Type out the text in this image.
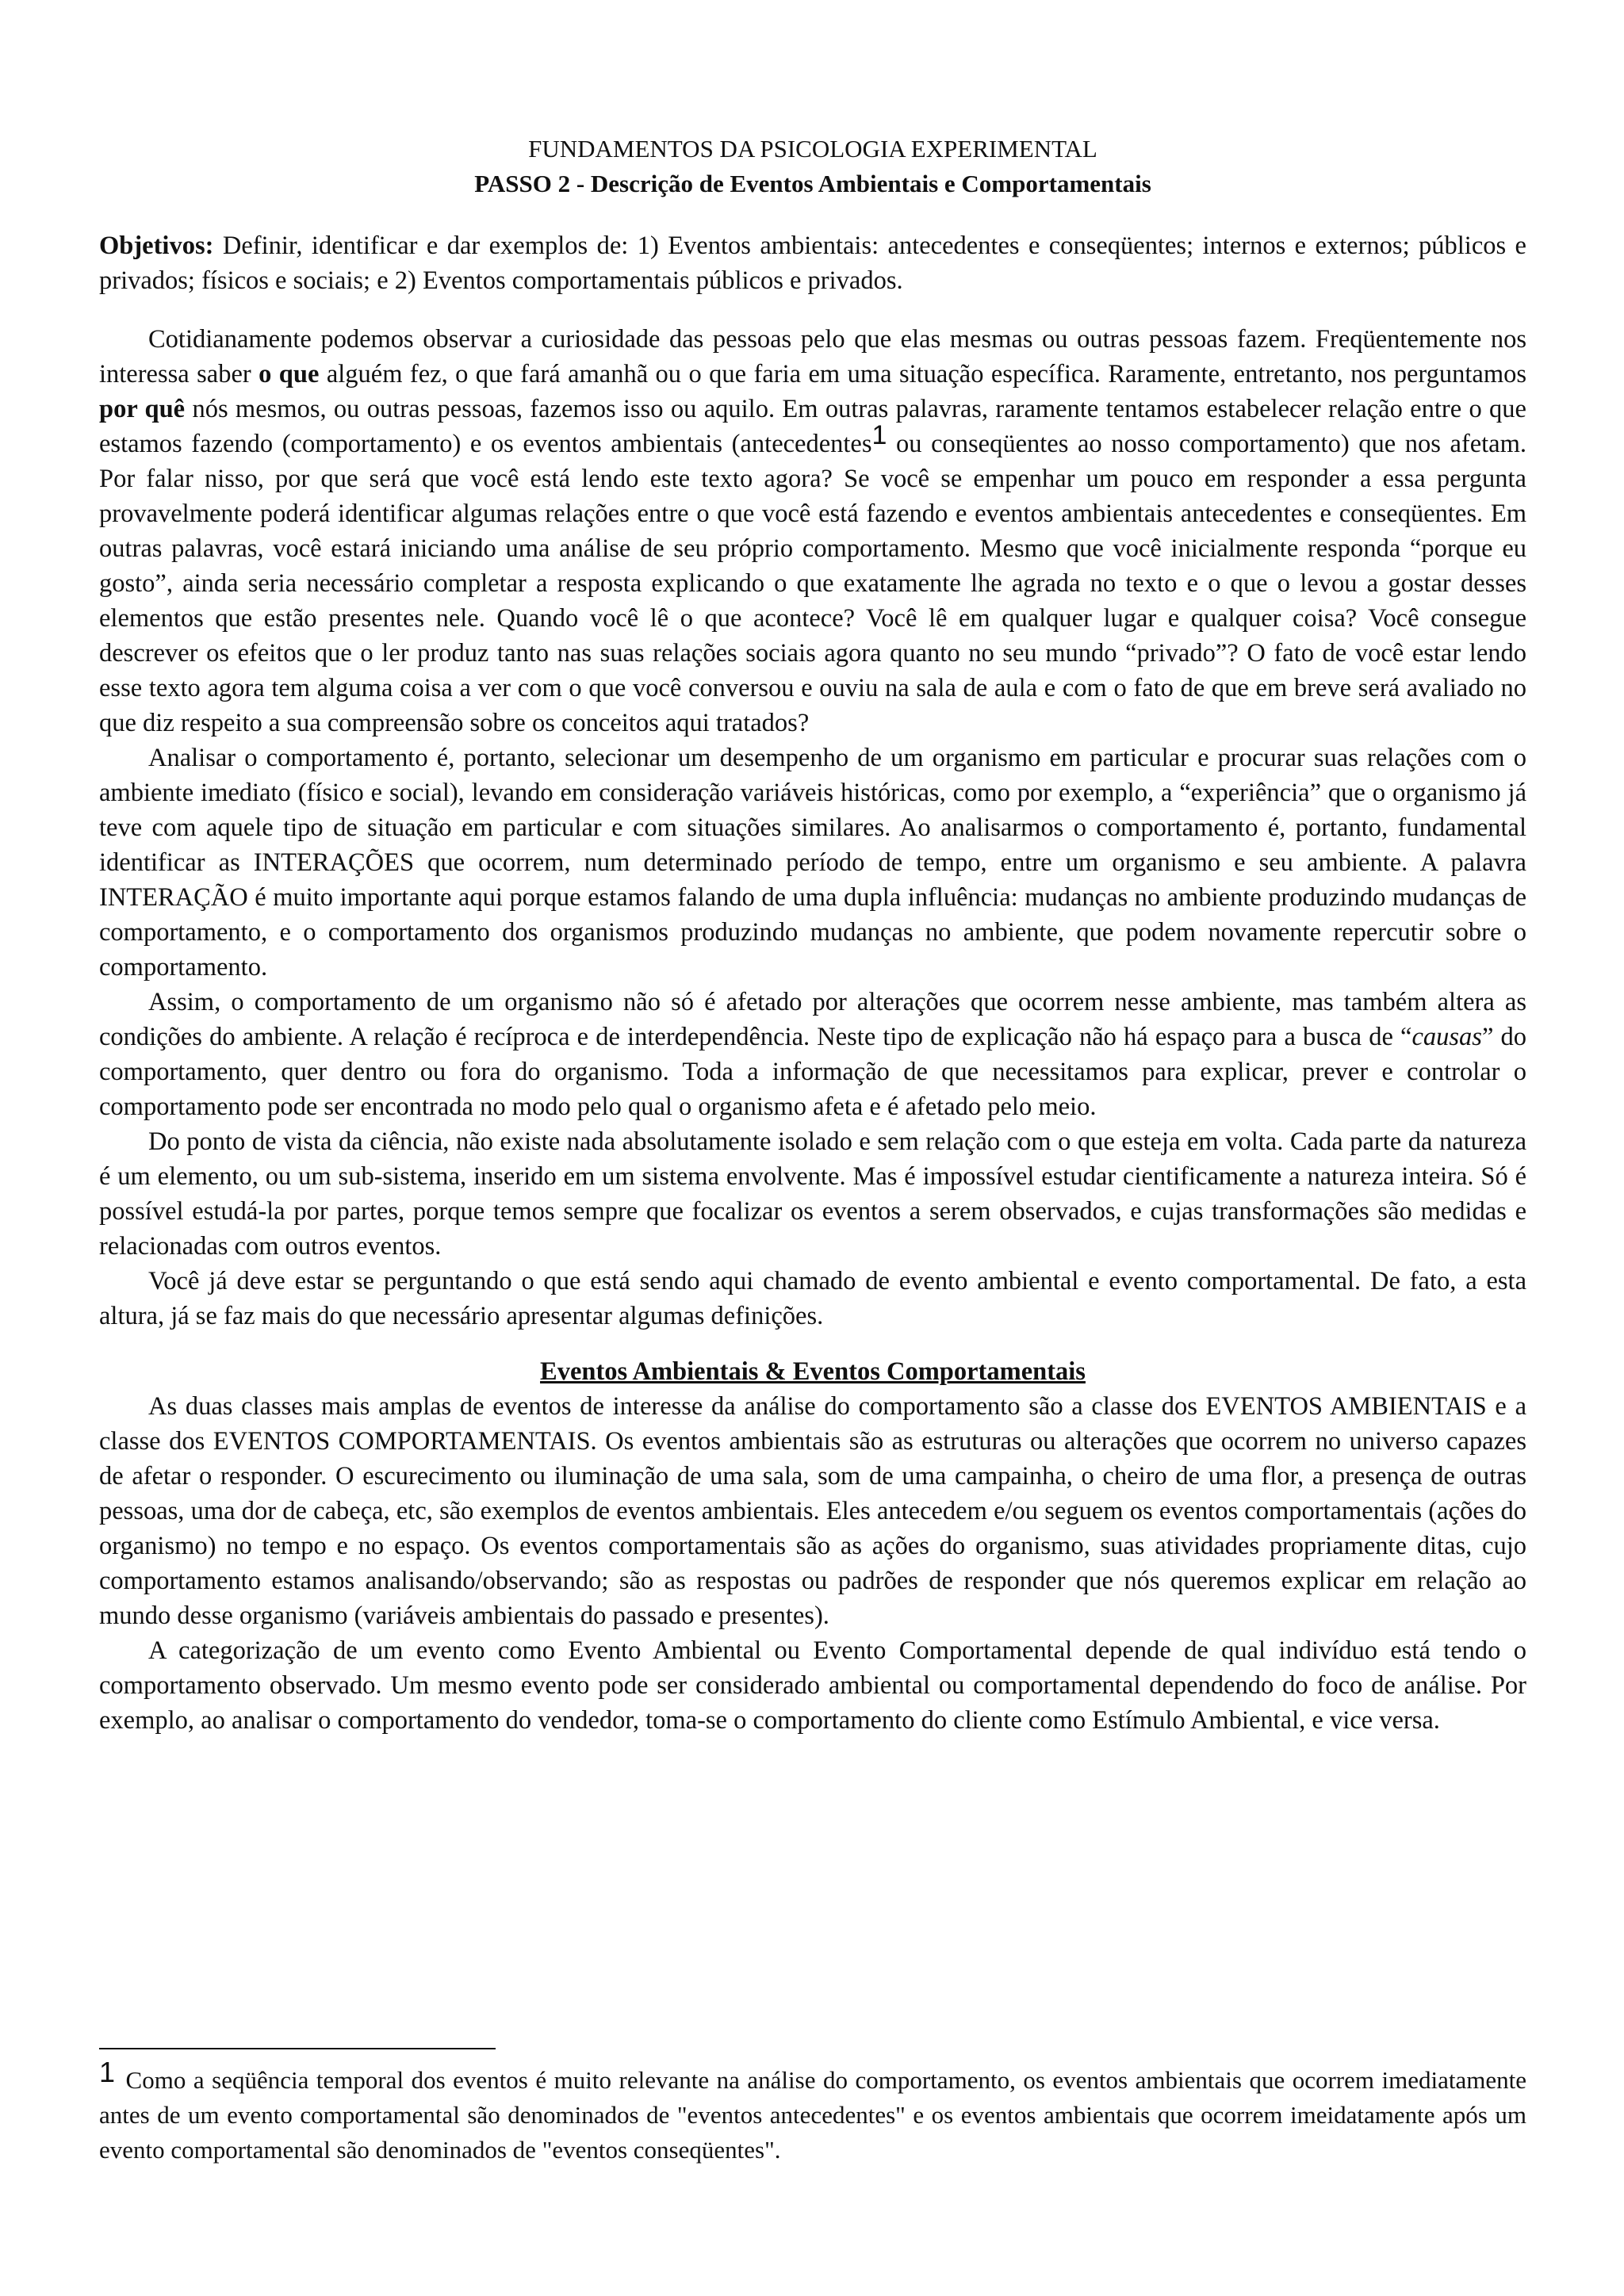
FUNDAMENTOS DA PSICOLOGIA EXPERIMENTAL
PASSO 2 - Descrição de Eventos Ambientais e Comportamentais

Objetivos: Definir, identificar e dar exemplos de: 1) Eventos ambientais: antecedentes e conseqüentes; internos e externos; públicos e privados; físicos e sociais; e 2) Eventos comportamentais públicos e privados.

Cotidianamente podemos observar a curiosidade das pessoas pelo que elas mesmas ou outras pessoas fazem. Freqüentemente nos interessa saber o que alguém fez, o que fará amanhã ou o que faria em uma situação específica. Raramente, entretanto, nos perguntamos por quê nós mesmos, ou outras pessoas, fazemos isso ou aquilo. Em outras palavras, raramente tentamos estabelecer relação entre o que estamos fazendo (comportamento) e os eventos ambientais (antecedentes1 ou conseqüentes ao nosso comportamento) que nos afetam. Por falar nisso, por que será que você está lendo este texto agora? Se você se empenhar um pouco em responder a essa pergunta provavelmente poderá identificar algumas relações entre o que você está fazendo e eventos ambientais antecedentes e conseqüentes. Em outras palavras, você estará iniciando uma análise de seu próprio comportamento. Mesmo que você inicialmente responda “porque eu gosto”, ainda seria necessário completar a resposta explicando o que exatamente lhe agrada no texto e o que o levou a gostar desses elementos que estão presentes nele. Quando você lê o que acontece? Você lê em qualquer lugar e qualquer coisa? Você consegue descrever os efeitos que o ler produz tanto nas suas relações sociais agora quanto no seu mundo “privado”? O fato de você estar lendo esse texto agora tem alguma coisa a ver com o que você conversou e ouviu na sala de aula e com o fato de que em breve será avaliado no que diz respeito a sua compreensão sobre os conceitos aqui tratados?

Analisar o comportamento é, portanto, selecionar um desempenho de um organismo em particular e procurar suas relações com o ambiente imediato (físico e social), levando em consideração variáveis históricas, como por exemplo, a “experiência” que o organismo já teve com aquele tipo de situação em particular e com situações similares. Ao analisarmos o comportamento é, portanto, fundamental identificar as INTERAÇÕES que ocorrem, num determinado período de tempo, entre um organismo e seu ambiente. A palavra INTERAÇÃO é muito importante aqui porque estamos falando de uma dupla influência: mudanças no ambiente produzindo mudanças de comportamento, e o comportamento dos organismos produzindo mudanças no ambiente, que podem novamente repercutir sobre o comportamento.

Assim, o comportamento de um organismo não só é afetado por alterações que ocorrem nesse ambiente, mas também altera as condições do ambiente. A relação é recíproca e de interdependência. Neste tipo de explicação não há espaço para a busca de “causas” do comportamento, quer dentro ou fora do organismo. Toda a informação de que necessitamos para explicar, prever e controlar o comportamento pode ser encontrada no modo pelo qual o organismo afeta e é afetado pelo meio.

Do ponto de vista da ciência, não existe nada absolutamente isolado e sem relação com o que esteja em volta. Cada parte da natureza é um elemento, ou um sub-sistema, inserido em um sistema envolvente. Mas é impossível estudar cientificamente a natureza inteira. Só é possível estudá-la por partes, porque temos sempre que focalizar os eventos a serem observados, e cujas transformações são medidas e relacionadas com outros eventos.

Você já deve estar se perguntando o que está sendo aqui chamado de evento ambiental e evento comportamental. De fato, a esta altura, já se faz mais do que necessário apresentar algumas definições.

Eventos Ambientais & Eventos Comportamentais

As duas classes mais amplas de eventos de interesse da análise do comportamento são a classe dos EVENTOS AMBIENTAIS e a classe dos EVENTOS COMPORTAMENTAIS. Os eventos ambientais são as estruturas ou alterações que ocorrem no universo capazes de afetar o responder. O escurecimento ou iluminação de uma sala, som de uma campainha, o cheiro de uma flor, a presença de outras pessoas, uma dor de cabeça, etc, são exemplos de eventos ambientais. Eles antecedem e/ou seguem os eventos comportamentais (ações do organismo) no tempo e no espaço. Os eventos comportamentais são as ações do organismo, suas atividades propriamente ditas, cujo comportamento estamos analisando/observando; são as respostas ou padrões de responder que nós queremos explicar em relação ao mundo desse organismo (variáveis ambientais do passado e presentes).

A categorização de um evento como Evento Ambiental ou Evento Comportamental depende de qual indivíduo está tendo o comportamento observado. Um mesmo evento pode ser considerado ambiental ou comportamental dependendo do foco de análise. Por exemplo, ao analisar o comportamento do vendedor, toma-se o comportamento do cliente como Estímulo Ambiental, e vice versa.

1 Como a seqüência temporal dos eventos é muito relevante na análise do comportamento, os eventos ambientais que ocorrem imediatamente antes de um evento comportamental são denominados de "eventos antecedentes" e os eventos ambientais que ocorrem imeidatamente após um evento comportamental são denominados de "eventos conseqüentes".
